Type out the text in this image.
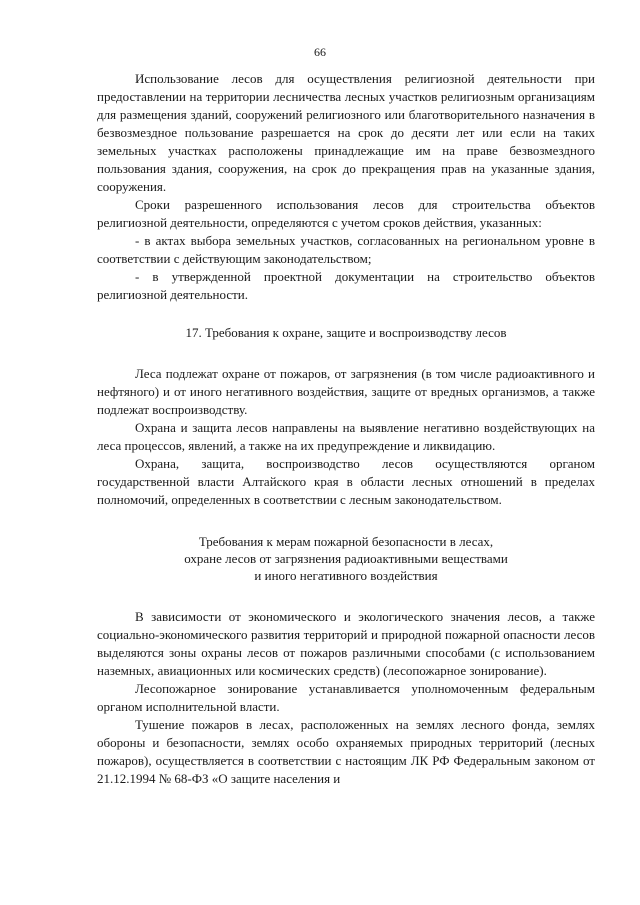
66

Использование лесов для осуществления религиозной деятельности при предоставлении на территории лесничества лесных участков религиозным организациям для размещения зданий, сооружений религиозного или благотворительного назначения в безвозмездное пользование разрешается на срок до десяти лет или если на таких земельных участках расположены принадлежащие им на праве безвозмездного пользования здания, сооружения, на срок до прекращения прав на указанные здания, сооружения.

Сроки разрешенного использования лесов для строительства объектов религиозной деятельности, определяются с учетом сроков действия, указанных:

- в актах выбора земельных участков, согласованных на региональном уровне в соответствии с действующим законодательством;

- в утвержденной проектной документации на строительство объектов религиозной деятельности.

17. Требования к охране, защите и воспроизводству лесов

Леса подлежат охране от пожаров, от загрязнения (в том числе радиоактивного и нефтяного) и от иного негативного воздействия, защите от вредных организмов, а также подлежат воспроизводству.

Охрана и защита лесов направлены на выявление негативно воздействующих на леса процессов, явлений, а также на их предупреждение и ликвидацию.

Охрана, защита, воспроизводство лесов осуществляются органом государственной власти Алтайского края в области лесных отношений в пределах полномочий, определенных в соответствии с лесным законодательством.

Требования к мерам пожарной безопасности в лесах,

охране лесов от загрязнения радиоактивными веществами

и иного негативного воздействия

В зависимости от экономического и экологического значения лесов, а также социально-экономического развития территорий и природной пожарной опасности лесов выделяются зоны охраны лесов от пожаров различными способами (с использованием наземных, авиационных или космических средств) (лесопожарное зонирование).

Лесопожарное зонирование устанавливается уполномоченным федеральным органом исполнительной власти.

Тушение пожаров в лесах, расположенных на землях лесного фонда, землях обороны и безопасности, землях особо охраняемых природных территорий (лесных пожаров), осуществляется в соответствии с настоящим ЛК РФ Федеральным законом от 21.12.1994 № 68-ФЗ «О защите населения и
